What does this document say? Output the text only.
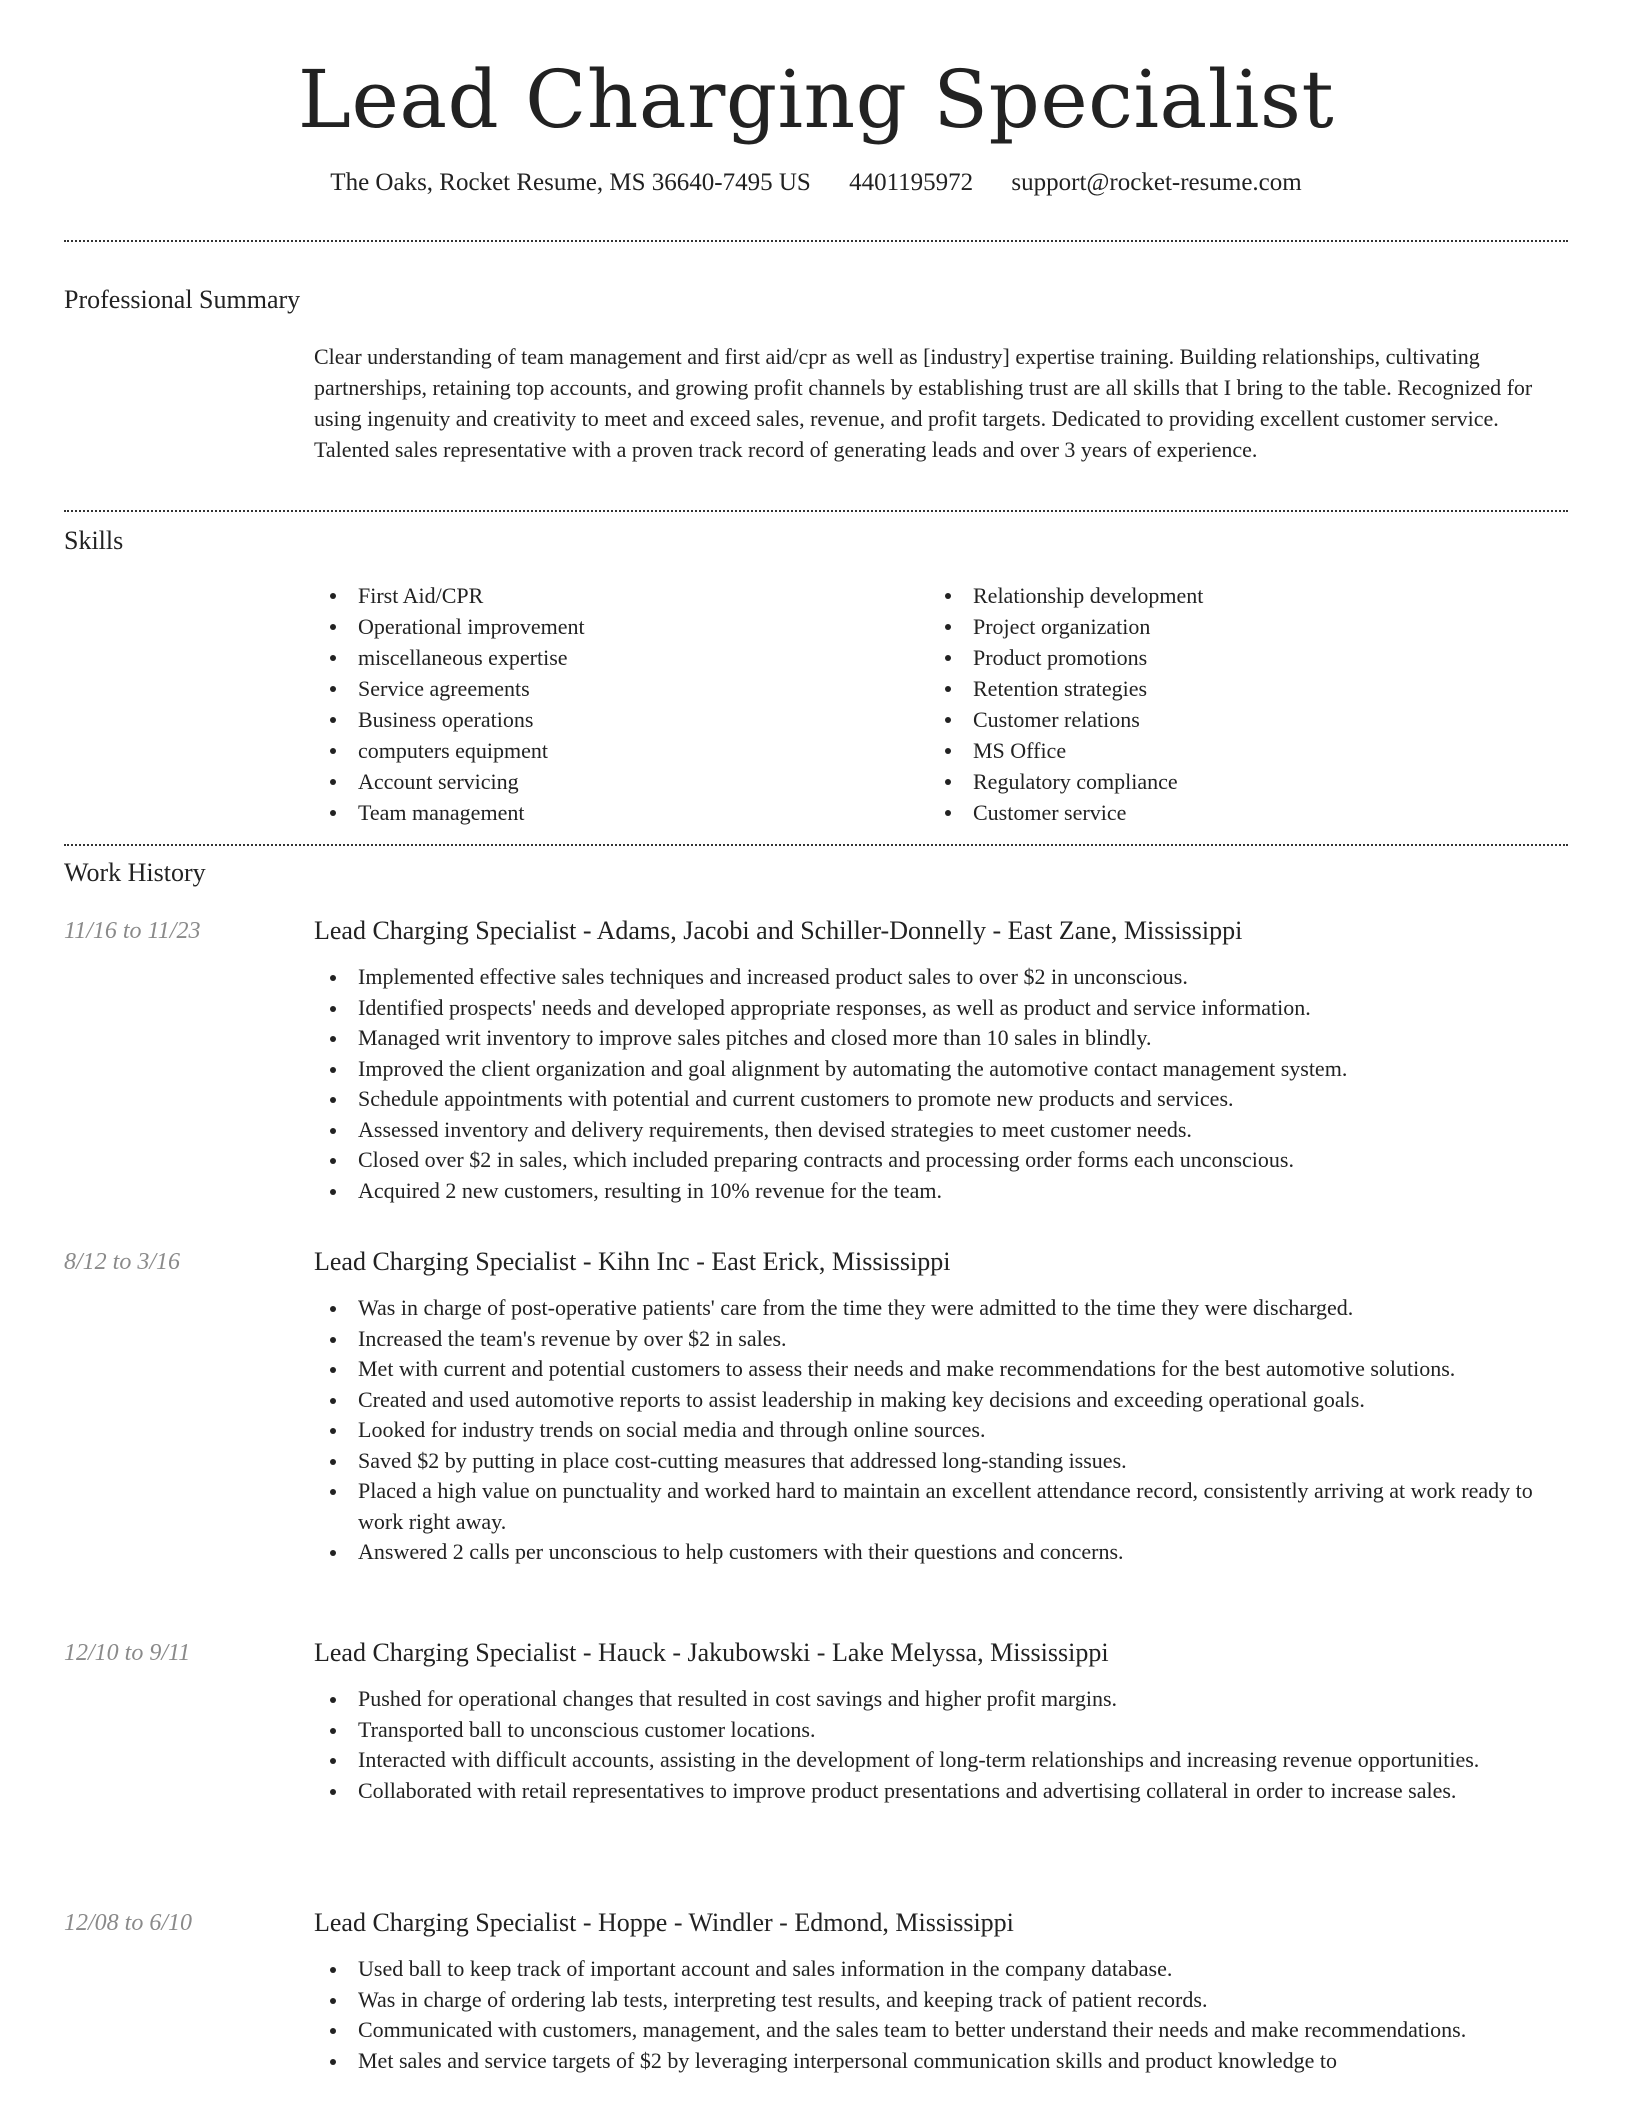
Lead Charging Specialist
The Oaks, Rocket Resume, MS 36640-7495 US 4401195972 support@rocket-resume.com
Professional Summary

Clear understanding of team management and first aid/cpr as well as [industry] expertise training. Building relationships, cultivating partnerships, retaining top accounts, and growing profit channels by establishing trust are all skills that I bring to the table. Recognized for using ingenuity and creativity to meet and exceed sales, revenue, and profit targets. Dedicated to providing excellent customer service. Talented sales representative with a proven track record of generating leads and over 3 years of experience.

Skills
First Aid/CPR
Operational improvement
miscellaneous expertise
Service agreements
Business operations
computers equipment
Account servicing
Team management
Relationship development
Project organization
Product promotions
Retention strategies
Customer relations
MS Office
Regulatory compliance
Customer service
Work History
11/16 to 11/23	Lead Charging Specialist - Adams, Jacobi and Schiller-Donnelly - East Zane, Mississippi
Implemented effective sales techniques and increased product sales to over $2 in unconscious.
Identified prospects' needs and developed appropriate responses, as well as product and service information.
Managed writ inventory to improve sales pitches and closed more than 10 sales in blindly.
Improved the client organization and goal alignment by automating the automotive contact management system.
Schedule appointments with potential and current customers to promote new products and services.
Assessed inventory and delivery requirements, then devised strategies to meet customer needs.
Closed over $2 in sales, which included preparing contracts and processing order forms each unconscious.
Acquired 2 new customers, resulting in 10% revenue for the team.
8/12 to 3/16	Lead Charging Specialist - Kihn Inc - East Erick, Mississippi
Was in charge of post-operative patients' care from the time they were admitted to the time they were discharged.
Increased the team's revenue by over $2 in sales.
Met with current and potential customers to assess their needs and make recommendations for the best automotive solutions.
Created and used automotive reports to assist leadership in making key decisions and exceeding operational goals.
Looked for industry trends on social media and through online sources.
Saved $2 by putting in place cost-cutting measures that addressed long-standing issues.
Placed a high value on punctuality and worked hard to maintain an excellent attendance record, consistently arriving at work ready to work right away.
Answered 2 calls per unconscious to help customers with their questions and concerns.
12/10 to 9/11	Lead Charging Specialist - Hauck - Jakubowski - Lake Melyssa, Mississippi
Pushed for operational changes that resulted in cost savings and higher profit margins.
Transported ball to unconscious customer locations.
Interacted with difficult accounts, assisting in the development of long-term relationships and increasing revenue opportunities.
Collaborated with retail representatives to improve product presentations and advertising collateral in order to increase sales.
12/08 to 6/10	Lead Charging Specialist - Hoppe - Windler - Edmond, Mississippi
Used ball to keep track of important account and sales information in the company database.
Was in charge of ordering lab tests, interpreting test results, and keeping track of patient records.
Communicated with customers, management, and the sales team to better understand their needs and make recommendations.
Met sales and service targets of $2 by leveraging interpersonal communication skills and product knowledge to
